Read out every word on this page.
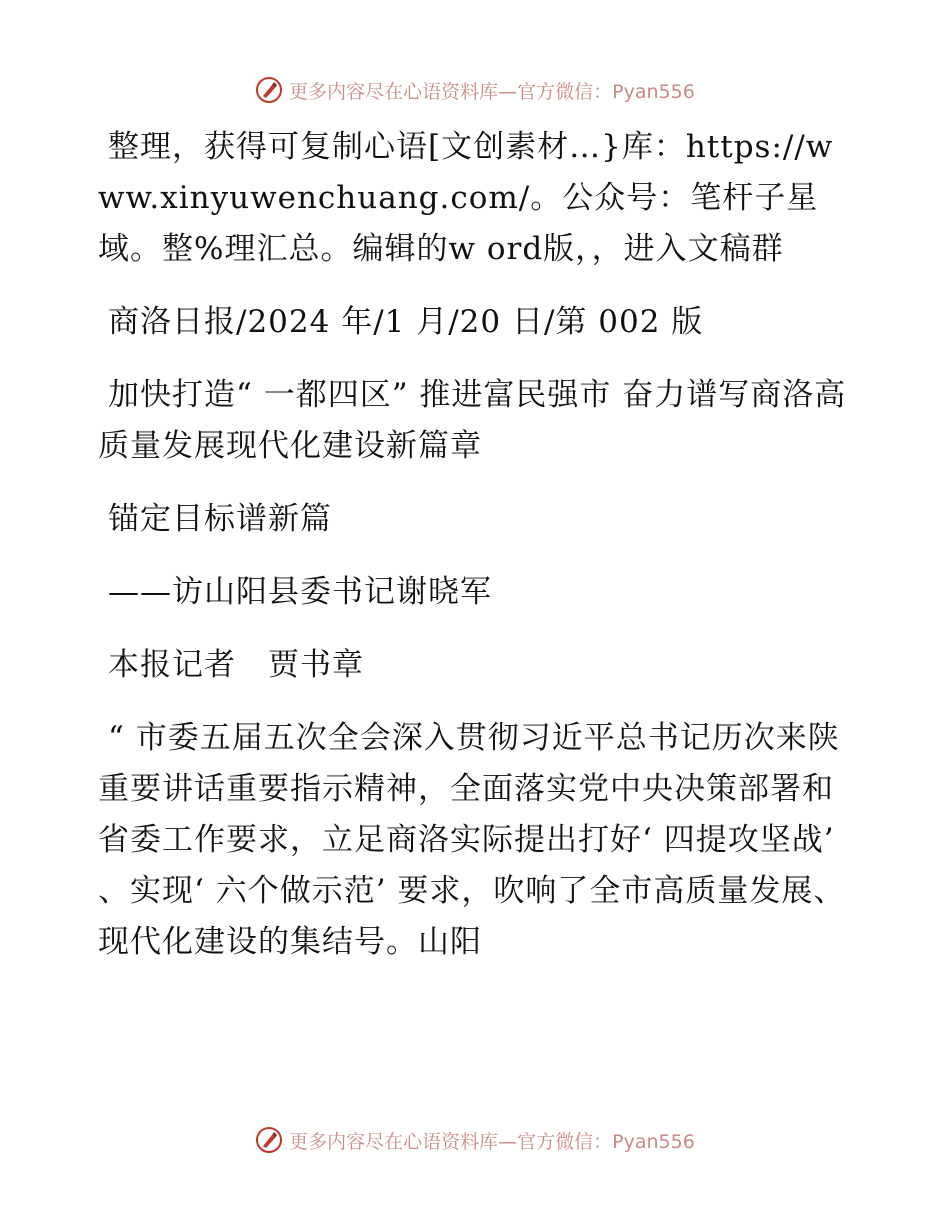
更多内容尽在心语资料库—官方微信：Pyan556

整理，获得可复制心语[文创素材…}库：https://www.xinyuwenchuang.com/。公众号：笔杆子星域。整%理汇总。编辑的w ord版，，进入文稿群

商洛日报/2024 年/1 月/20 日/第 002 版

加快打造“ 一都四区” 推进富民强市 奋力谱写商洛高质量发展现代化建设新篇章

锚定目标谱新篇

——访山阳县委书记谢晓军

本报记者　贾书章

“ 市委五届五次全会深入贯彻习近平总书记历次来陕重要讲话重要指示精神，全面落实党中央决策部署和省委工作要求，立足商洛实际提出打好‘ 四提攻坚战’ 、实现‘ 六个做示范’ 要求，吹响了全市高质量发展、现代化建设的集结号。山阳

更多内容尽在心语资料库—官方微信：Pyan556
